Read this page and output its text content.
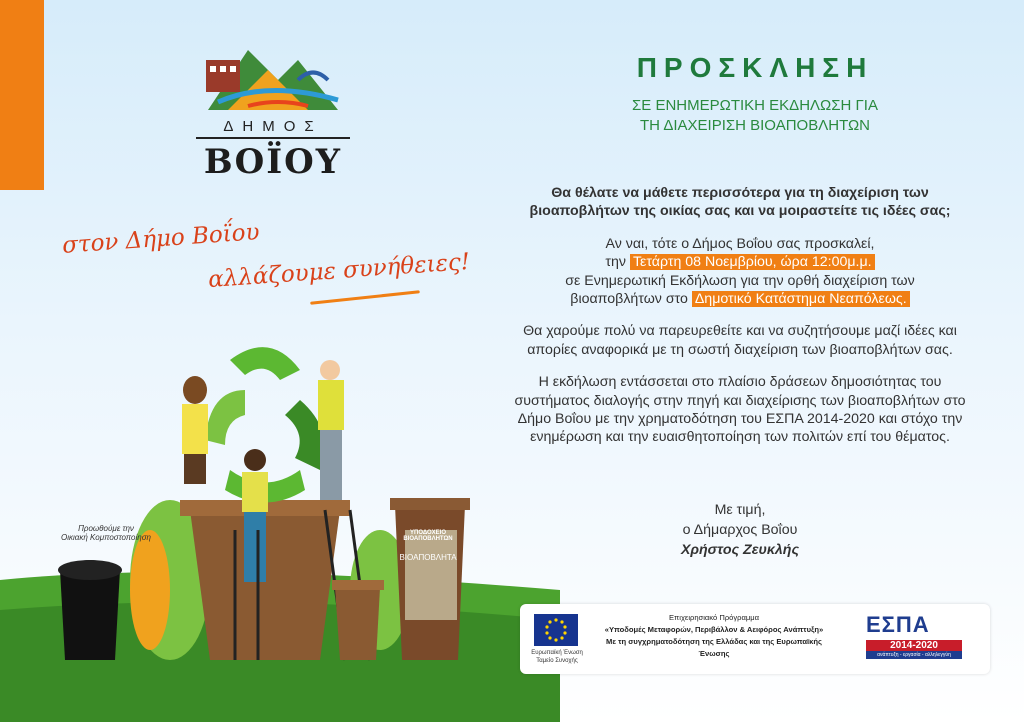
ΔΗΜΟΣ
ΒΟΪΟΥ
στον Δήμο Βοΐου
αλλάζουμε συνήθειες!
ΠΡΟΣΚΛΗΣΗ
ΣΕ ΕΝΗΜΕΡΩΤΙΚΗ ΕΚΔΗΛΩΣΗ ΓΙΑ
ΤΗ ΔΙΑΧΕΙΡΙΣΗ ΒΙΟΑΠΟΒΛΗΤΩΝ

Θα θέλατε να μάθετε περισσότερα για τη διαχείριση των
βιοαποβλήτων της οικίας σας και να μοιραστείτε τις ιδέες σας;

Αν ναι, τότε ο Δήμος Βοΐου σας προσκαλεί,
την Τετάρτη 08 Νοεμβρίου, ώρα 12:00μ.μ.
σε Ενημερωτική Εκδήλωση για την ορθή διαχείριση των
βιοαποβλήτων στο Δημοτικό Κατάστημα Νεαπόλεως.

Θα χαρούμε πολύ να παρευρεθείτε και να συζητήσουμε μαζί ιδέες και
απορίες αναφορικά με τη σωστή διαχείριση των βιοαποβλήτων σας.

Η εκδήλωση εντάσσεται στο πλαίσιο δράσεων δημοσιότητας του
συστήματος διαλογής στην πηγή και διαχείρισης των βιοαποβλήτων στο
Δήμο Βοΐου με την χρηματοδότηση του ΕΣΠΑ 2014-2020 και στόχο την
ενημέρωση και την ευαισθητοποίηση των πολιτών επί του θέματος.

Με τιμή,
ο Δήμαρχος Βοΐου
Χρήστος Ζευκλής
Προωθούμε την
Οικιακή Κομποστοποίηση	ΥΠΟΔΟΧΕΙΟ ΒΙΟΑΠΟΒΛΗΤΩΝ
ΒΙΟΑΠΟΒΛΗΤΑ
Ευρωπαϊκή Ένωση
Ταμείο Συνοχής
Επιχειρησιακό Πρόγραμμα
«Υποδομές Μεταφορών, Περιβάλλον & Αειφόρος Ανάπτυξη»
Με τη συγχρηματοδότηση της Ελλάδας και της Ευρωπαϊκής Ένωσης
ΕΣΠΑ
2014-2020
ανάπτυξη - εργασία - αλληλεγγύη
